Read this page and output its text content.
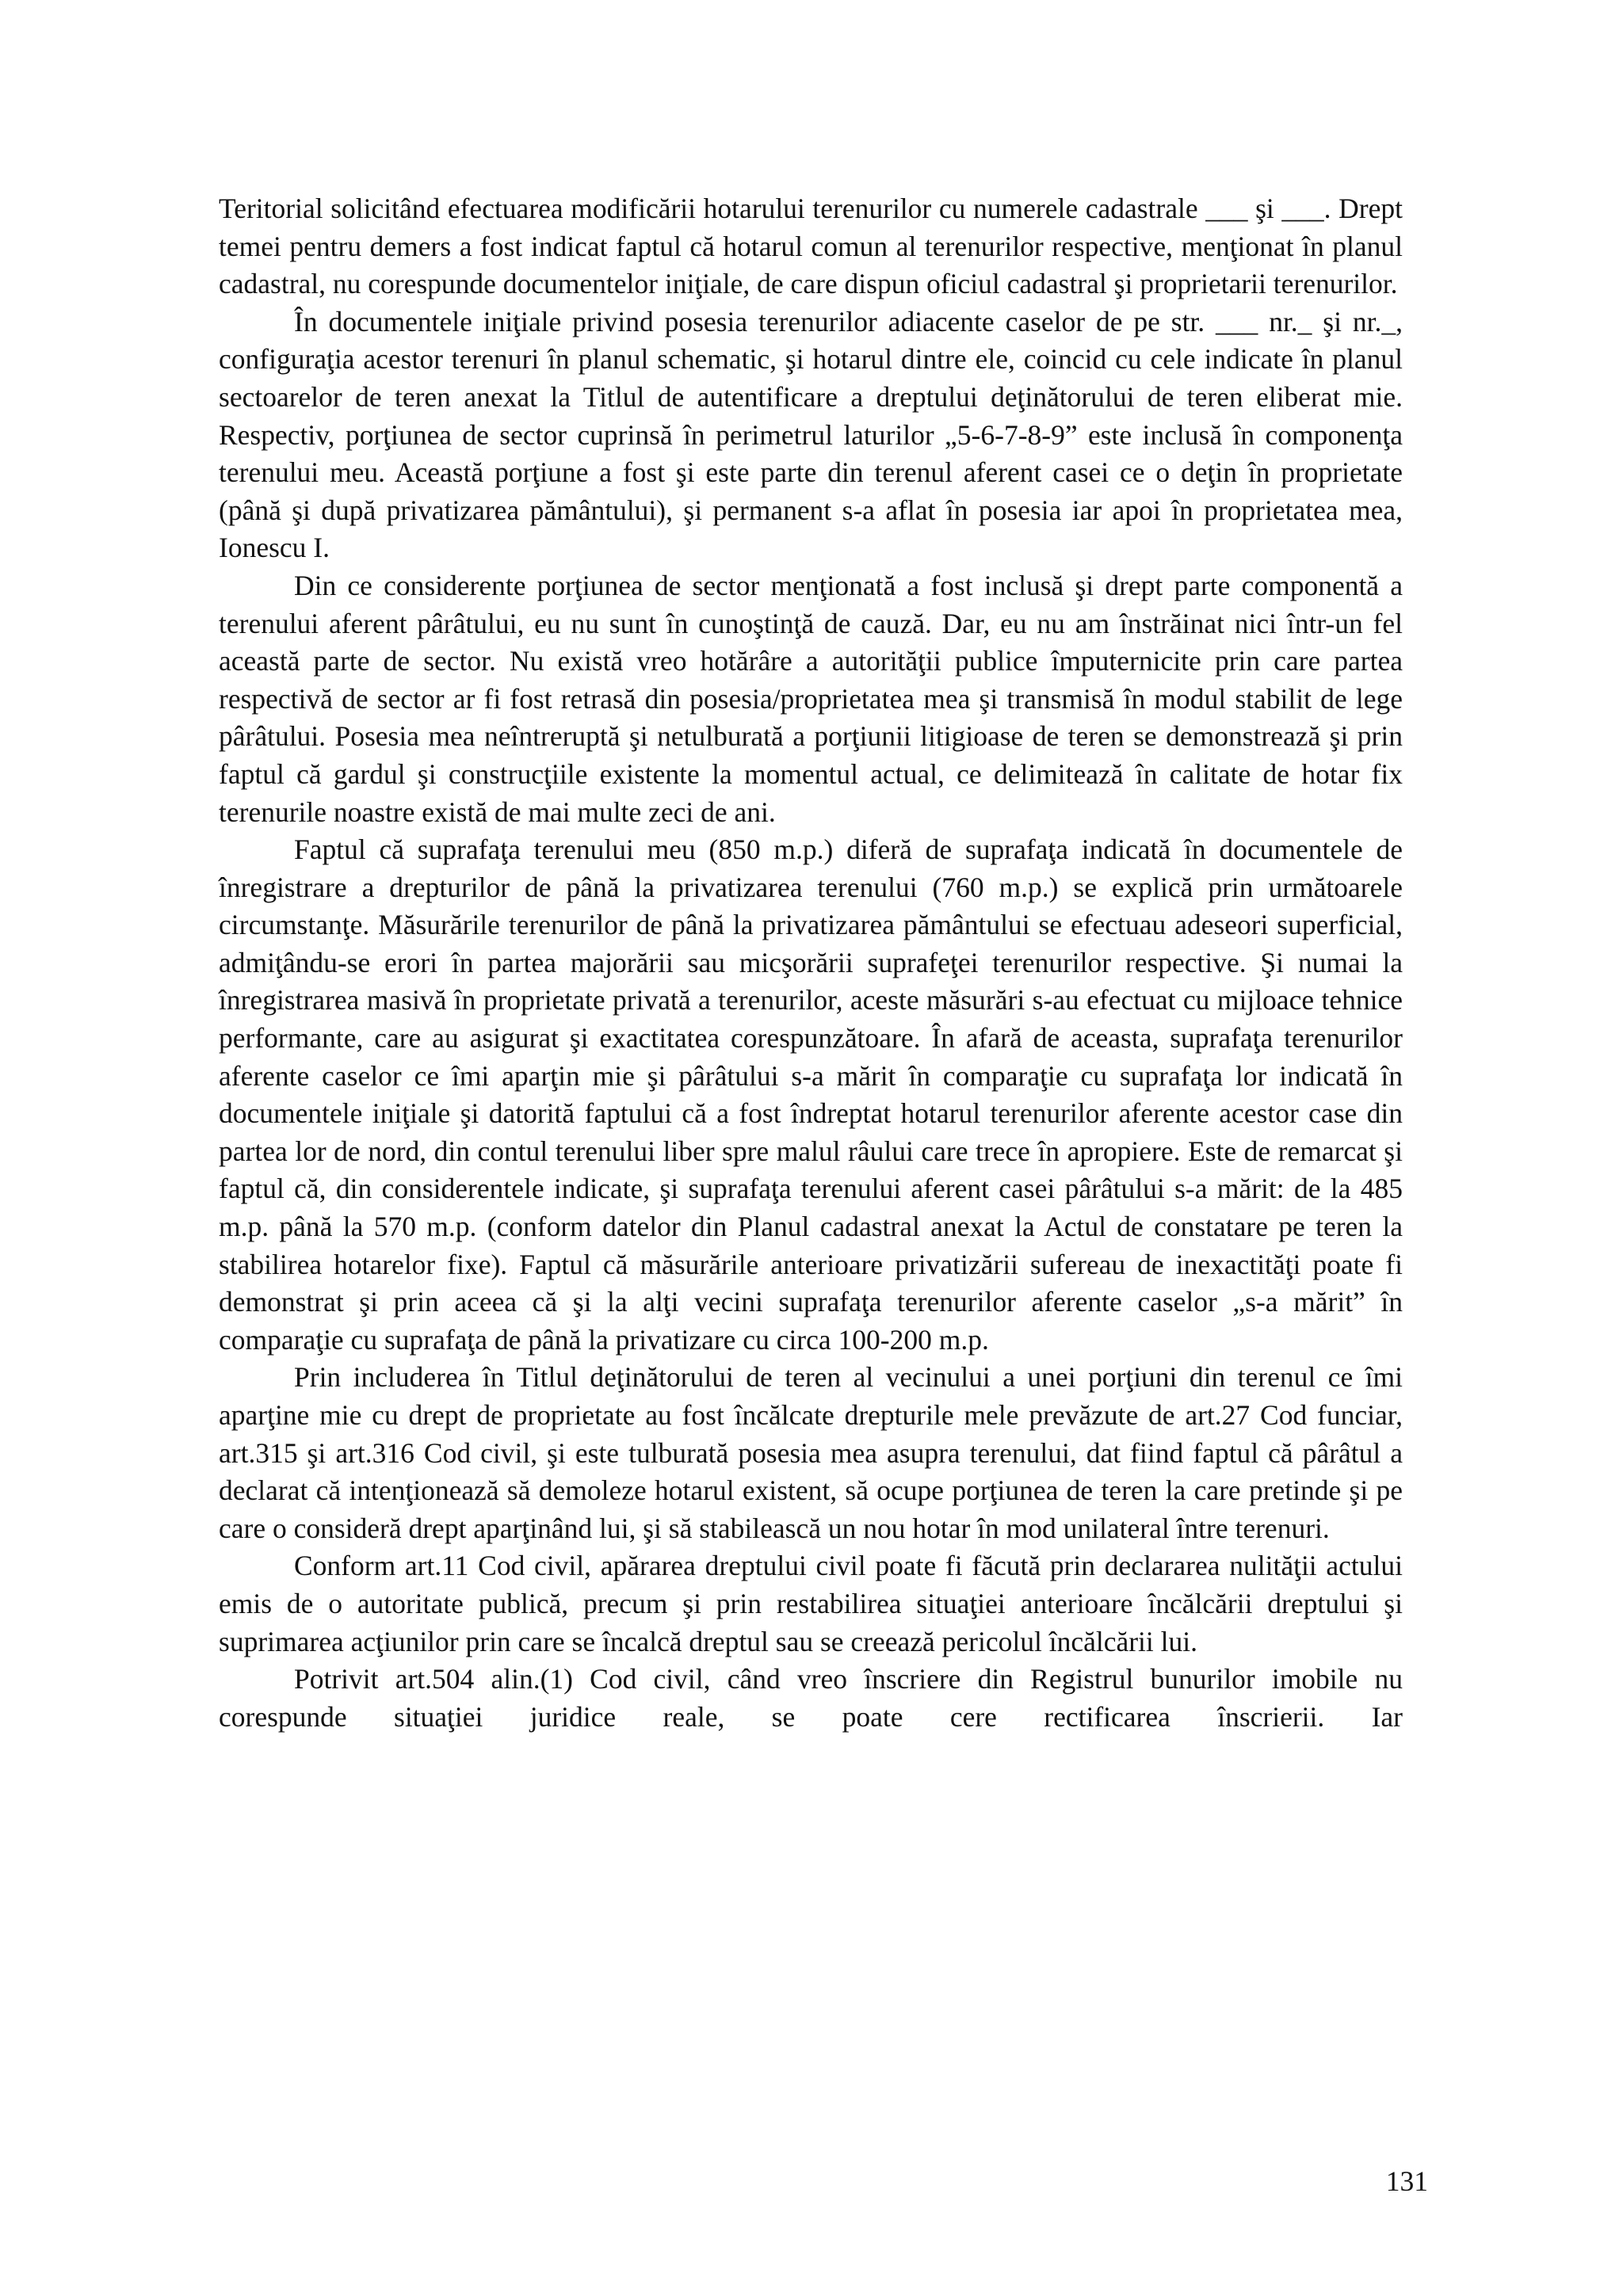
Teritorial solicitând efectuarea modificării hotarului terenurilor cu numerele cadastrale ___ şi ___. Drept temei pentru demers a fost indicat faptul că hotarul comun al terenurilor respective, menţionat în planul cadastral, nu corespunde documentelor iniţiale, de care dispun oficiul cadastral şi proprietarii terenurilor.

În documentele iniţiale privind posesia terenurilor adiacente caselor de pe str. ___ nr._ şi nr._, configuraţia acestor terenuri în planul schematic, şi hotarul dintre ele, coincid cu cele indicate în planul sectoarelor de teren anexat la Titlul de autentificare a dreptului deţinătorului de teren eliberat mie. Respectiv, porţiunea de sector cuprinsă în perimetrul laturilor „5-6-7-8-9” este inclusă în componenţa terenului meu. Această porţiune a fost şi este parte din terenul aferent casei ce o deţin în proprietate (până şi după privatizarea pământului), şi permanent s-a aflat în posesia iar apoi în proprietatea mea, Ionescu I.

Din ce considerente porţiunea de sector menţionată a fost inclusă şi drept parte componentă a terenului aferent pârâtului, eu nu sunt în cunoştinţă de cauză. Dar, eu nu am înstrăinat nici într-un fel această parte de sector. Nu există vreo hotărâre a autorităţii publice împuternicite prin care partea respectivă de sector ar fi fost retrasă din posesia/proprietatea mea şi transmisă în modul stabilit de lege pârâtului. Posesia mea neîntreruptă şi netulburată a porţiunii litigioase de teren se demonstrează şi prin faptul că gardul şi construcţiile existente la momentul actual, ce delimitează în calitate de hotar fix terenurile noastre există de mai multe zeci de ani.

Faptul că suprafaţa terenului meu (850 m.p.) diferă de suprafaţa indicată în documentele de înregistrare a drepturilor de până la privatizarea terenului (760 m.p.) se explică prin următoarele circumstanţe. Măsurările terenurilor de până la privatizarea pământului se efectuau adeseori superficial, admiţându-se erori în partea majorării sau micşorării suprafeţei terenurilor respective. Şi numai la înregistrarea masivă în proprietate privată a terenurilor, aceste măsurări s-au efectuat cu mijloace tehnice performante, care au asigurat şi exactitatea corespunzătoare. În afară de aceasta, suprafaţa terenurilor aferente caselor ce îmi aparţin mie şi pârâtului s-a mărit în comparaţie cu suprafaţa lor indicată în documentele iniţiale şi datorită faptului că a fost îndreptat hotarul terenurilor aferente acestor case din partea lor de nord, din contul terenului liber spre malul râului care trece în apropiere. Este de remarcat şi faptul că, din considerentele indicate, şi suprafaţa terenului aferent casei pârâtului s-a mărit: de la 485 m.p. până la 570 m.p. (conform datelor din Planul cadastral anexat la Actul de constatare pe teren la stabilirea hotarelor fixe). Faptul că măsurările anterioare privatizării sufereau de inexactităţi poate fi demonstrat şi prin aceea că şi la alţi vecini suprafaţa terenurilor aferente caselor „s-a mărit” în comparaţie cu suprafaţa de până la privatizare cu circa 100-200 m.p.

Prin includerea în Titlul deţinătorului de teren al vecinului a unei porţiuni din terenul ce îmi aparţine mie cu drept de proprietate au fost încălcate drepturile mele prevăzute de art.27 Cod funciar, art.315 şi art.316 Cod civil, şi este tulburată posesia mea asupra terenului, dat fiind faptul că pârâtul a declarat că intenţionează să demoleze hotarul existent, să ocupe porţiunea de teren la care pretinde şi pe care o consideră drept aparţinând lui, şi să stabilească un nou hotar în mod unilateral între terenuri.

Conform art.11 Cod civil, apărarea dreptului civil poate fi făcută prin declararea nulităţii actului emis de o autoritate publică, precum şi prin restabilirea situaţiei anterioare încălcării dreptului şi suprimarea acţiunilor prin care se încalcă dreptul sau se creează pericolul încălcării lui.

Potrivit art.504 alin.(1) Cod civil, când vreo înscriere din Registrul bunurilor imobile nu corespunde situaţiei juridice reale, se poate cere rectificarea înscrierii. Iar

131
